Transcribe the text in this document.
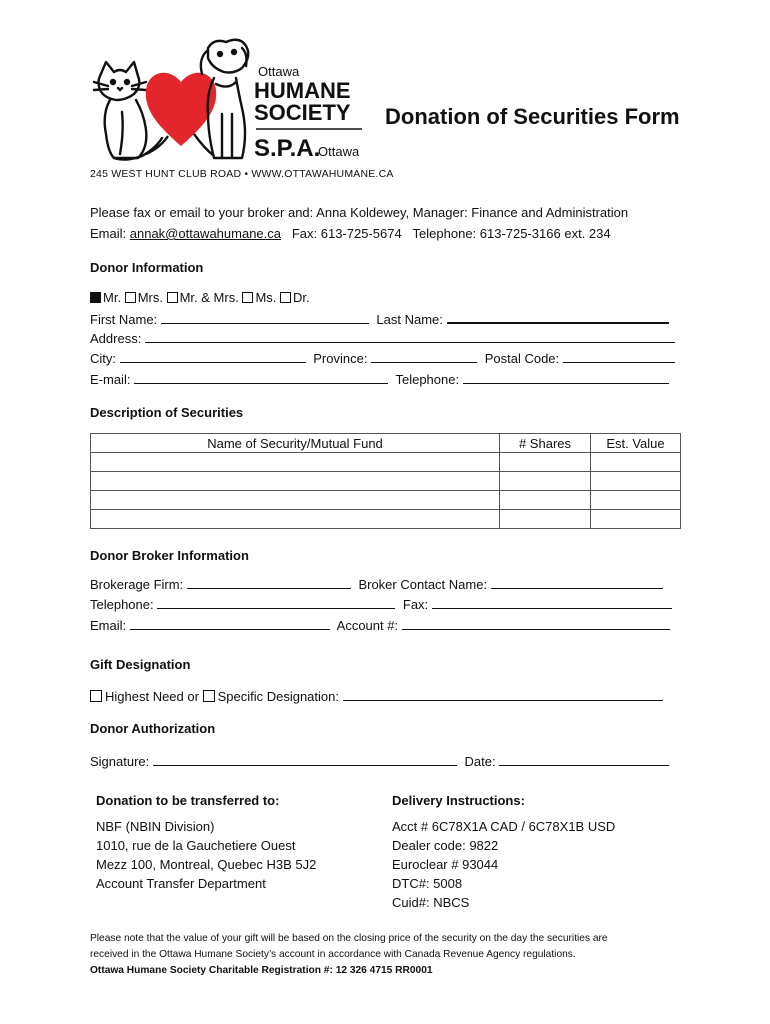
Ottawa
HUMANE
SOCIETY
S.P.A.
Ottawa
245 WEST HUNT CLUB ROAD • WWW.OTTAWAHUMANE.CA
Donation of Securities Form
Please fax or email to your broker and: Anna Koldewey, Manager: Finance and Administration
Email: annak@ottawahumane.ca Fax: 613-725-5674 Telephone: 613-725-3166 ext. 234
Donor Information
Mr. Mrs. Mr. & Mrs. Ms. Dr.
First Name:	Last Name:
Address:
City:	Province:	Postal Code:
E-mail:	Telephone:
Description of Securities
Name of Security/Mutual Fund	# Shares	Est. Value

Donor Broker Information
Brokerage Firm:	Broker Contact Name:
Telephone:	Fax:
Email:	Account #:
Gift Designation
Highest Need or Specific Designation:
Donor Authorization
Signature:	Date:
Donation to be transferred to:
NBF (NBIN Division)
1010, rue de la Gauchetiere Ouest
Mezz 100, Montreal, Quebec H3B 5J2
Account Transfer Department
Delivery Instructions:
Acct # 6C78X1A CAD / 6C78X1B USD
Dealer code: 9822
Euroclear # 93044
DTC#: 5008
Cuid#: NBCS
Please note that the value of your gift will be based on the closing price of the security on the day the securities are
received in the Ottawa Humane Society’s account in accordance with Canada Revenue Agency regulations.
Ottawa Humane Society Charitable Registration #: 12 326 4715 RR0001
